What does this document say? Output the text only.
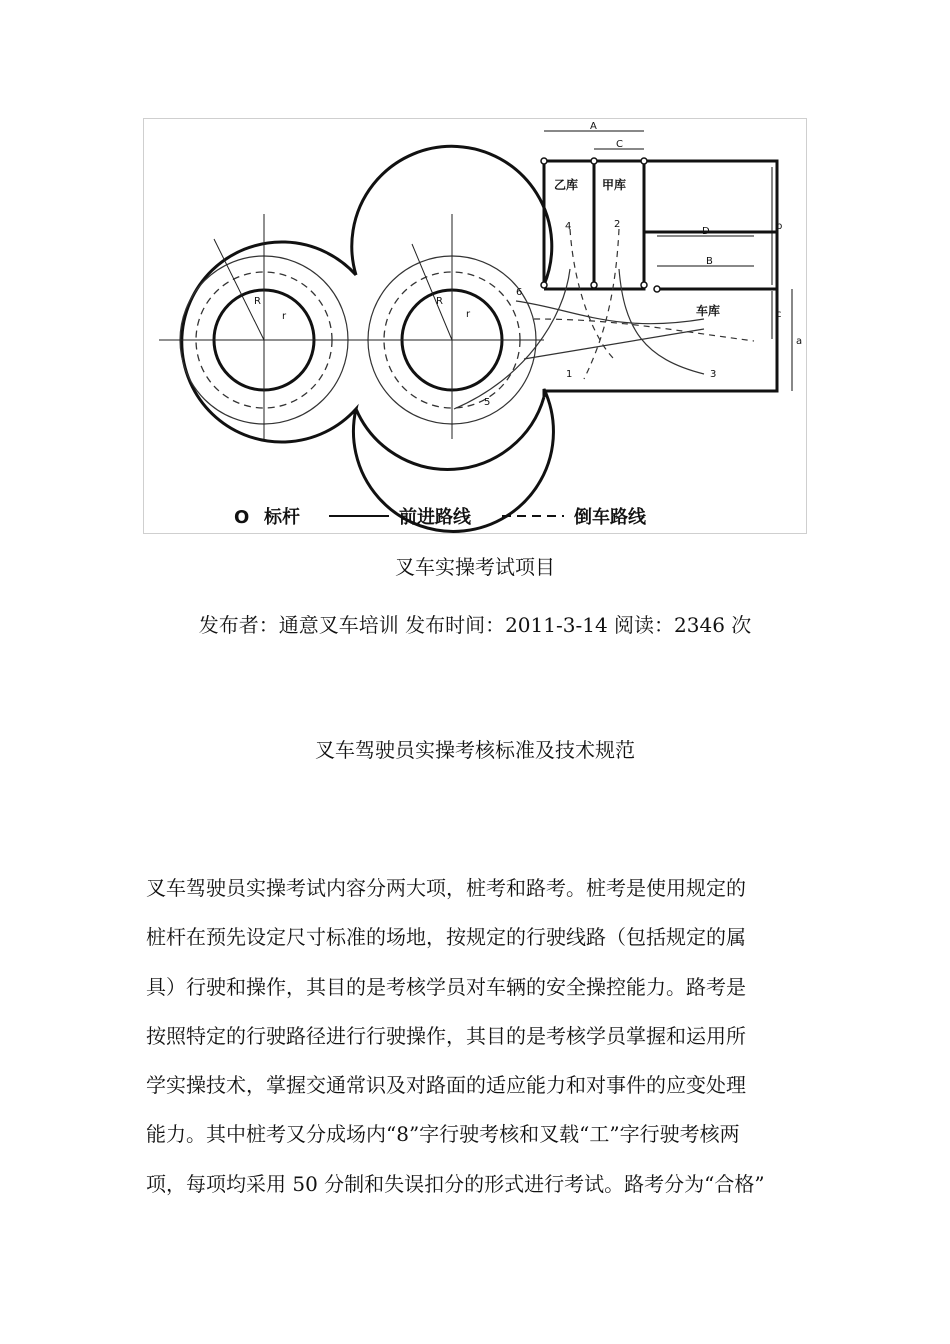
A
C
D
B
b
c
a
R
r
R
r
1
2
3
4
5
6
乙库 甲库
车库
O 标杆	前进路线	倒车路线
叉车实操考试项目
发布者：通意叉车培训 发布时间：2011-3-14 阅读：2346 次
叉车驾驶员实操考核标准及技术规范

叉车驾驶员实操考试内容分两大项，桩考和路考。桩考是使用规定的

桩杆在预先设定尺寸标准的场地，按规定的行驶线路（包括规定的属

具）行驶和操作，其目的是考核学员对车辆的安全操控能力。路考是

按照特定的行驶路径进行行驶操作，其目的是考核学员掌握和运用所

学实操技术，掌握交通常识及对路面的适应能力和对事件的应变处理

能力。其中桩考又分成场内“8”字行驶考核和叉载“工”字行驶考核两

项，每项均采用 50 分制和失误扣分的形式进行考试。路考分为“合格”
